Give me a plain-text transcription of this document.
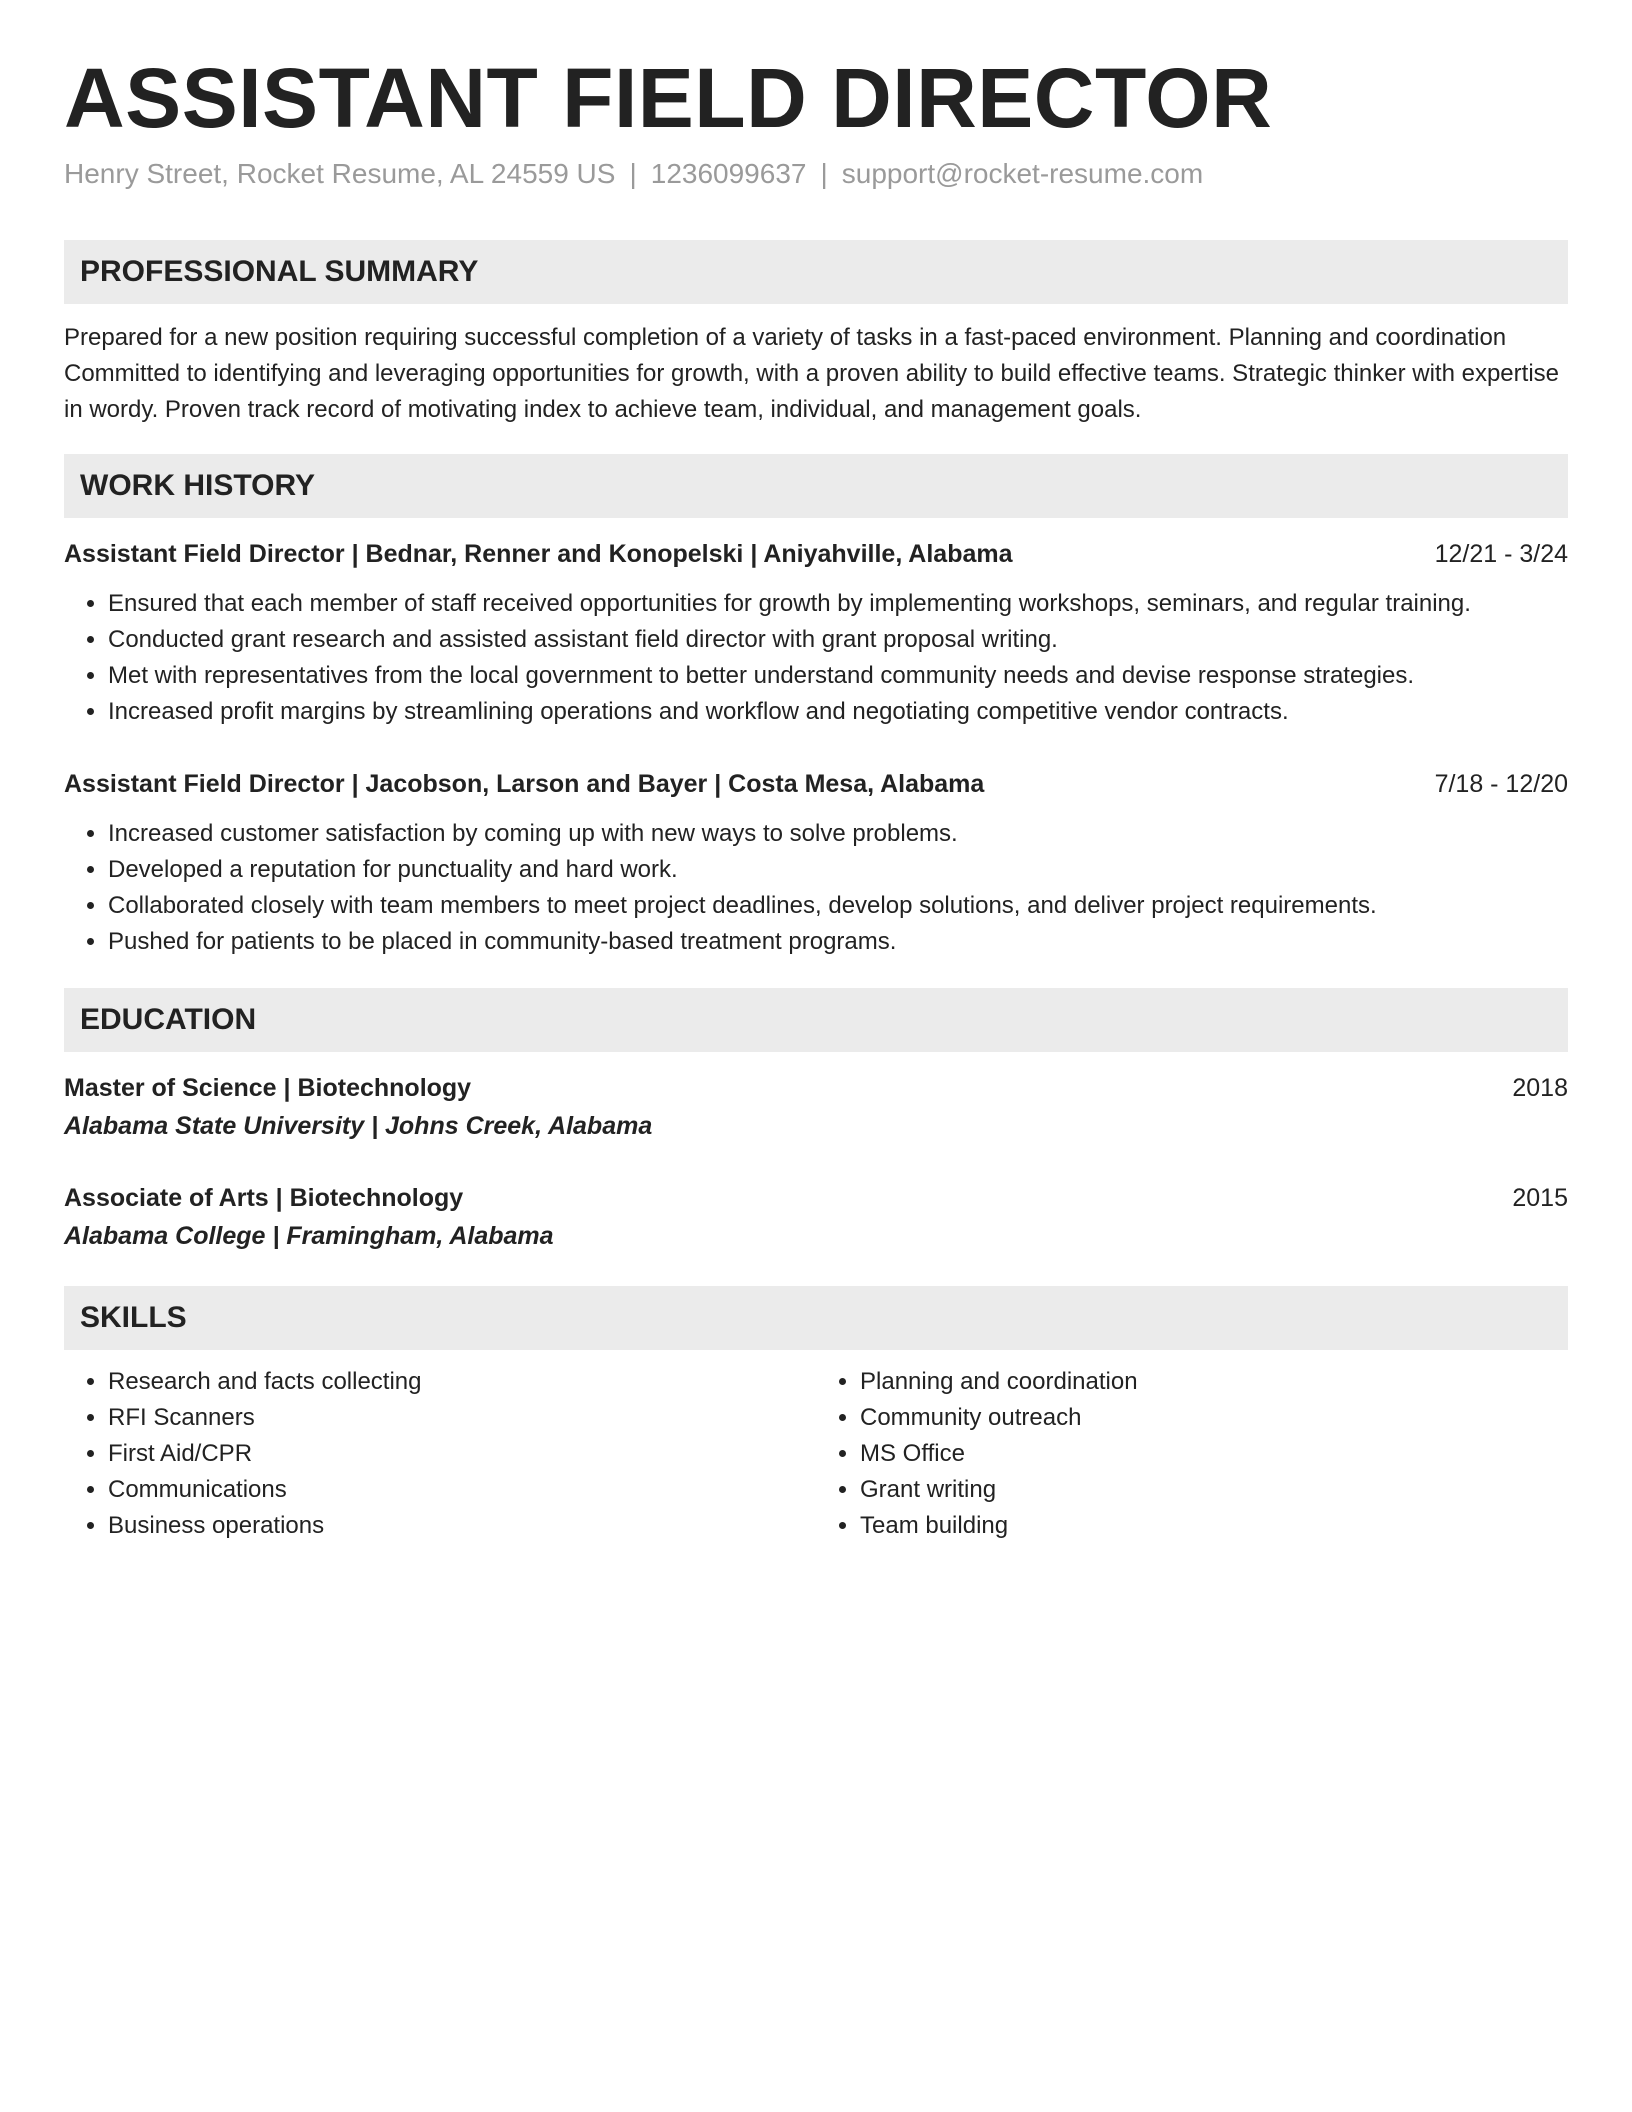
ASSISTANT FIELD DIRECTOR
Henry Street, Rocket Resume, AL 24559 US | 1236099637 | support@rocket-resume.com
PROFESSIONAL SUMMARY
Prepared for a new position requiring successful completion of a variety of tasks in a fast-paced environment. Planning and coordination Committed to identifying and leveraging opportunities for growth, with a proven ability to build effective teams. Strategic thinker with expertise in wordy. Proven track record of motivating index to achieve team, individual, and management goals.
WORK HISTORY
Assistant Field Director | Bednar, Renner and Konopelski | Aniyahville, Alabama	12/21 - 3/24
• Ensured that each member of staff received opportunities for growth by implementing workshops, seminars, and regular training.
• Conducted grant research and assisted assistant field director with grant proposal writing.
• Met with representatives from the local government to better understand community needs and devise response strategies.
• Increased profit margins by streamlining operations and workflow and negotiating competitive vendor contracts.
Assistant Field Director | Jacobson, Larson and Bayer | Costa Mesa, Alabama	7/18 - 12/20
• Increased customer satisfaction by coming up with new ways to solve problems.
• Developed a reputation for punctuality and hard work.
• Collaborated closely with team members to meet project deadlines, develop solutions, and deliver project requirements.
• Pushed for patients to be placed in community-based treatment programs.
EDUCATION
Master of Science | Biotechnology	2018
Alabama State University | Johns Creek, Alabama
Associate of Arts | Biotechnology	2015
Alabama College | Framingham, Alabama
SKILLS
• Research and facts collecting
• RFI Scanners
• First Aid/CPR
• Communications
• Business operations
• Planning and coordination
• Community outreach
• MS Office
• Grant writing
• Team building
